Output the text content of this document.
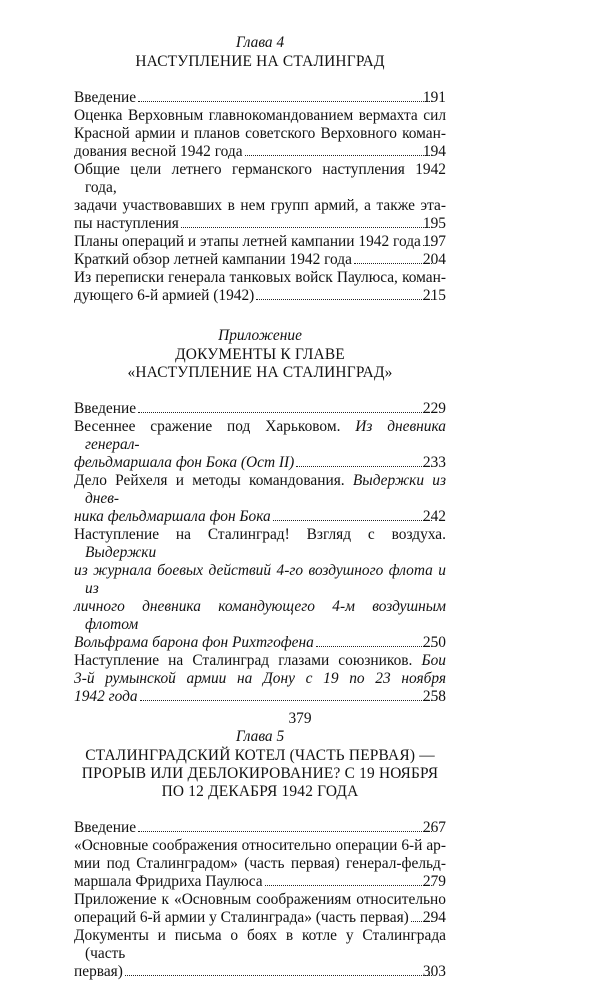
Глава 4
НАСТУПЛЕНИЕ НА СТАЛИНГРАД
Введение	191
Оценка Верховным главнокомандованием вермахта сил
Красной армии и планов советского Верховного коман-
дования весной 1942 года	194
Общие цели летнего германского наступления 1942 года,
задачи участвовавших в нем групп армий, а также эта-
пы наступления	195
Планы операций и этапы летней кампании 1942 года 197
Краткий обзор летней кампании 1942 года	204
Из переписки генерала танковых войск Паулюса, коман-
дующего 6-й армией (1942)	215
Приложение
ДОКУМЕНТЫ К ГЛАВЕ
«НАСТУПЛЕНИЕ НА СТАЛИНГРАД»
Введение	229
Весеннее сражение под Харьковом. Из дневника генерал-
фельдмаршала фон Бока (Ост II)	233
Дело Рейхеля и методы командования. Выдержки из днев-
ника фельдмаршала фон Бока	242
Наступление на Сталинград! Взгляд с воздуха. Выдержки
из журнала боевых действий 4-го воздушного флота и из
личного дневника командующего 4-м воздушным флотом
Вольфрама барона фон Рихтгофена	250
Наступление на Сталинград глазами союзников. Бои
3-й румынской армии на Дону с 19 по 23 ноября
1942 года	258
Глава 5
СТАЛИНГРАДСКИЙ КОТЕЛ (ЧАСТЬ ПЕРВАЯ) —
ПРОРЫВ ИЛИ ДЕБЛОКИРОВАНИЕ? С 19 НОЯБРЯ
ПО 12 ДЕКАБРЯ 1942 ГОДА
Введение	267
«Основные соображения относительно операции 6-й ар-
мии под Сталинградом» (часть первая) генерал-фельд-
маршала Фридриха Паулюса	279
Приложение к «Основным соображениям относительно
операций 6-й армии у Сталинграда» (часть первая) 294
Документы и письма о боях в котле у Сталинграда (часть
первая)	303
379
